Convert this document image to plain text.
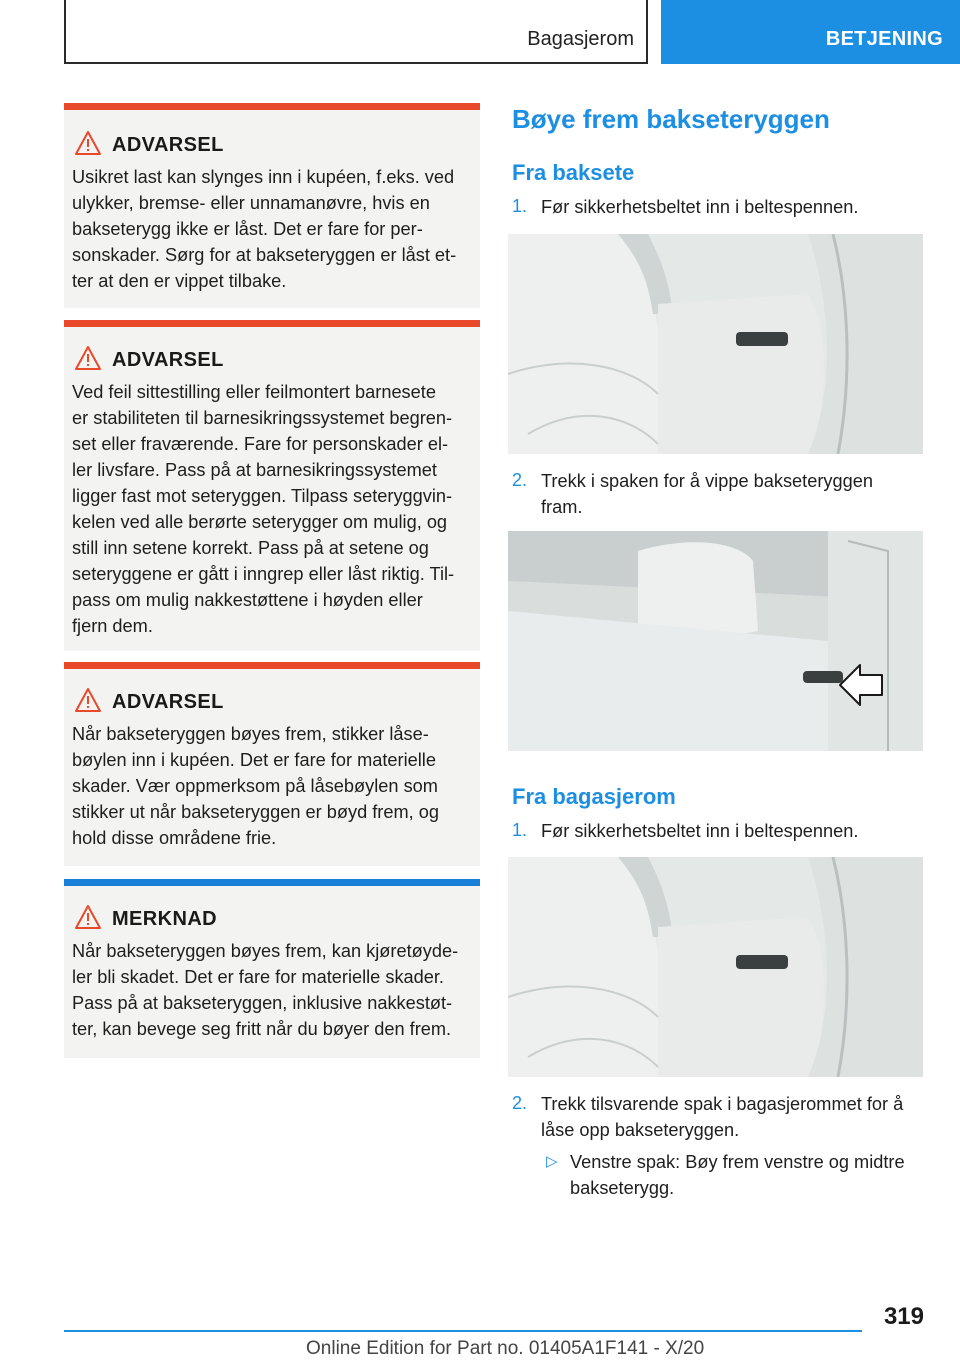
Bagasjerom	BETJENING
ADVARSEL
Usikret last kan slynges inn i kupéen, f.eks. ved
ulykker, bremse- eller unnamanøvre, hvis en
bakseterygg ikke er låst. Det er fare for per-
sonskader. Sørg for at bakseteryggen er låst et-
ter at den er vippet tilbake.
ADVARSEL
Ved feil sittestilling eller feilmontert barnesete
er stabiliteten til barnesikringssystemet begren-
set eller fraværende. Fare for personskader el-
ler livsfare. Pass på at barnesikringssystemet
ligger fast mot seteryggen. Tilpass seteryggvin-
kelen ved alle berørte seterygger om mulig, og
still inn setene korrekt. Pass på at setene og
seteryggene er gått i inngrep eller låst riktig. Til-
pass om mulig nakkestøttene i høyden eller
fjern dem.
ADVARSEL
Når bakseteryggen bøyes frem, stikker låse-
bøylen inn i kupéen. Det er fare for materielle
skader. Vær oppmerksom på låsebøylen som
stikker ut når bakseteryggen er bøyd frem, og
hold disse områdene frie.
MERKNAD
Når bakseteryggen bøyes frem, kan kjøretøyde-
ler bli skadet. Det er fare for materielle skader.
Pass på at bakseteryggen, inklusive nakkestøt-
ter, kan bevege seg fritt når du bøyer den frem.
Bøye frem bakseteryggen
Fra baksete
1. Før sikkerhetsbeltet inn i beltespennen.
2. Trekk i spaken for å vippe bakseteryggen
fram.
Fra bagasjerom
1. Før sikkerhetsbeltet inn i beltespennen.
2. Trekk tilsvarende spak i bagasjerommet for å
låse opp bakseteryggen.
▷ Venstre spak: Bøy frem venstre og midtre
bakseterygg.
319
Online Edition for Part no. 01405A1F141 - X/20
